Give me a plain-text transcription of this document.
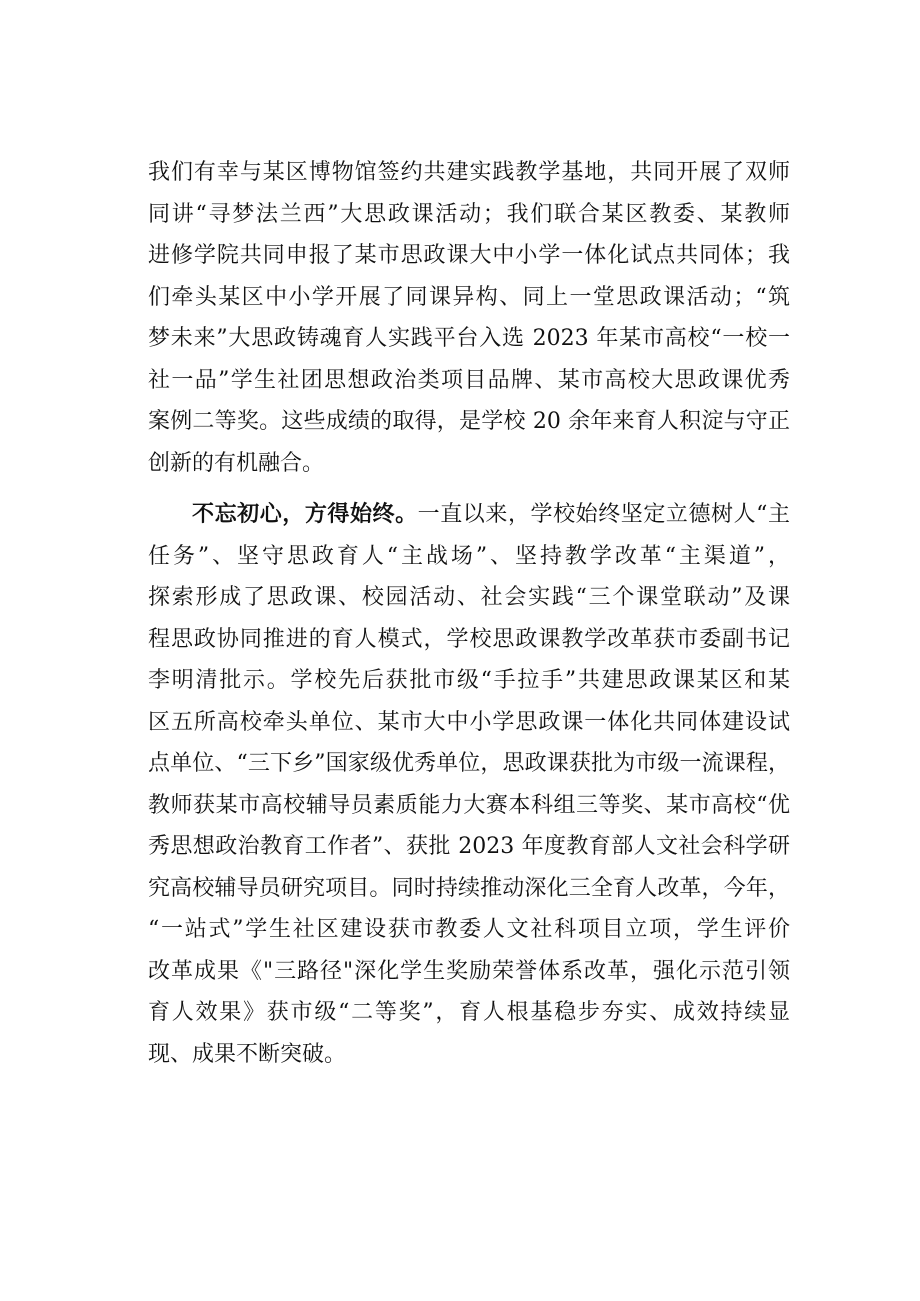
我们有幸与某区博物馆签约共建实践教学基地，共同开展了双师
同讲“寻梦法兰西”大思政课活动；我们联合某区教委、某教师
进修学院共同申报了某市思政课大中小学一体化试点共同体；我
们牵头某区中小学开展了同课异构、同上一堂思政课活动；“筑
梦未来”大思政铸魂育人实践平台入选 2023 年某市高校“一校一
社一品”学生社团思想政治类项目品牌、某市高校大思政课优秀
案例二等奖。这些成绩的取得，是学校 20 余年来育人积淀与守正
创新的有机融合。
不忘初心，方得始终。一直以来，学校始终坚定立德树人“主
任务”、坚守思政育人“主战场”、坚持教学改革“主渠道”，
探索形成了思政课、校园活动、社会实践“三个课堂联动”及课
程思政协同推进的育人模式，学校思政课教学改革获市委副书记
李明清批示。学校先后获批市级“手拉手”共建思政课某区和某
区五所高校牵头单位、某市大中小学思政课一体化共同体建设试
点单位、“三下乡”国家级优秀单位，思政课获批为市级一流课程，
教师获某市高校辅导员素质能力大赛本科组三等奖、某市高校“优
秀思想政治教育工作者”、获批 2023 年度教育部人文社会科学研
究高校辅导员研究项目。同时持续推动深化三全育人改革，今年，
“一站式”学生社区建设获市教委人文社科项目立项，学生评价
改革成果《"三路径"深化学生奖励荣誉体系改革，强化示范引领
育人效果》获市级“二等奖”，育人根基稳步夯实、成效持续显
现、成果不断突破。
